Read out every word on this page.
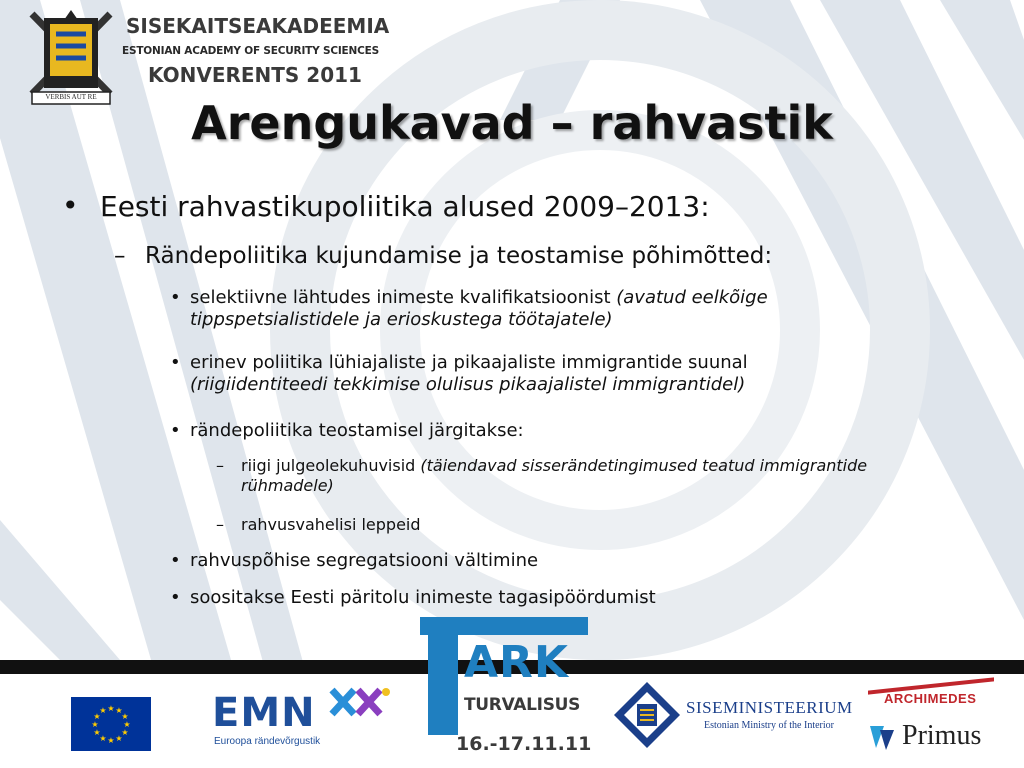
VERBIS AUT RE
SISEKAITSEAKADEEMIA
ESTONIAN ACADEMY OF SECURITY SCIENCES
KONVERENTS 2011
Arengukavad – rahvastik
• Eesti rahvastikupoliitika alused 2009–2013:
– Rändepoliitika kujundamise ja teostamise põhimõtted:
• selektiivne lähtudes inimeste kvalifikatsioonist (avatud eelkõige
tippspetsialistidele ja erioskustega töötajatele)
• erinev poliitika lühiajaliste ja pikaajaliste immigrantide suunal
(riigiidentiteedi tekkimise olulisus pikaajalistel immigrantidel)
• rändepoliitika teostamisel järgitakse:
– riigi julgeolekuhuvisid (täiendavad sisserändetingimused teatud immigrantide
rühmadele)
– rahvusvahelisi leppeid
• rahvuspõhise segregatsiooni vältimine
• soositakse Eesti päritolu inimeste tagasipöördumist
★ ★
★
★
★
★
★
★
★
★
★
★	EMN
Euroopa rändevõrgustik
ARK
TURVALISUS
16.-17.11.11
SISEMINISTEERIUM
Estonian Ministry of the Interior
ARCHIMEDES
Primus
